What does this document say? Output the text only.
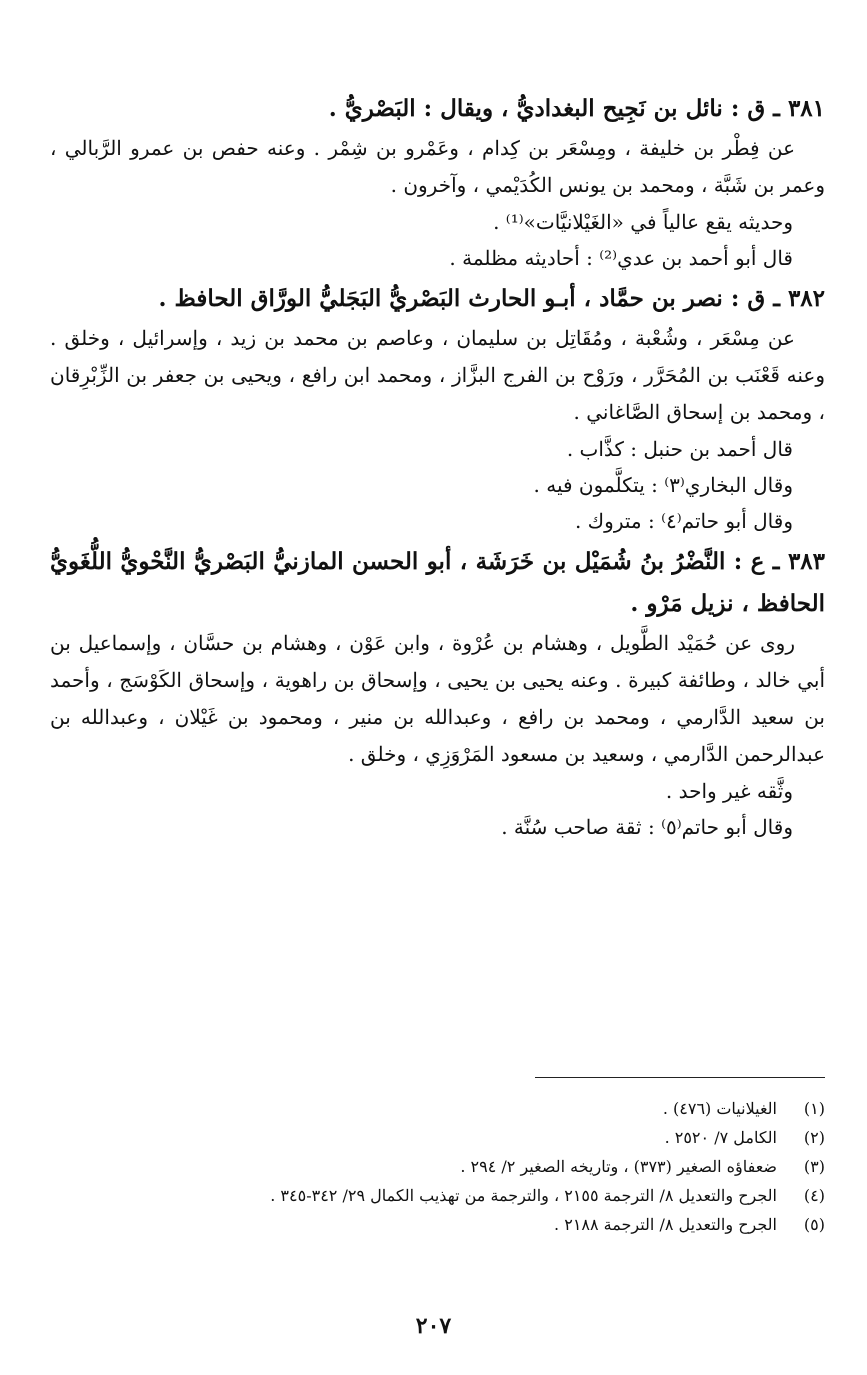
٣٨١ ـ ق : نائل بن نَجِيح البغداديُّ ، ويقال : البَصْريُّ .

عن فِطْر بن خليفة ، ومِسْعَر بن كِدام ، وعَمْرو بن شِمْر . وعنه حفص بن عمرو الرَّبالي ، وعمر بن شَبَّة ، ومحمد بن يونس الكُدَيْمي ، وآخرون .

وحديثه يقع عالياً في «الغَيْلانيَّات»⁽¹⁾ .

قال أبو أحمد بن عدي⁽²⁾ : أحاديثه مظلمة .

٣٨٢ ـ ق : نصر بن حمَّاد ، أبـو الحارث البَصْريُّ البَجَليُّ الورَّاق الحافظ .

عن مِسْعَر ، وشُعْبة ، ومُقَاتِل بن سليمان ، وعاصم بن محمد بن زيد ، وإسرائيل ، وخلق . وعنه قَعْنَب بن المُحَرَّر ، ورَوْح بن الفرج البزَّاز ، ومحمد ابن رافع ، ويحيى بن جعفر بن الزِّبْرِقان ، ومحمد بن إسحاق الصَّاغاني .

قال أحمد بن حنبل : كذَّاب .

وقال البخاري⁽٣⁾ : يتكلَّمون فيه .

وقال أبو حاتم⁽٤⁾ : متروك .

٣٨٣ ـ ع : النَّضْرُ بنُ شُمَيْل بن خَرَشَة ، أبو الحسن المازنيُّ البَصْريُّ النَّحْويُّ اللُّغَويُّ الحافظ ، نزيل مَرْو .

روى عن حُمَيْد الطَّويل ، وهشام بن عُرْوة ، وابن عَوْن ، وهشام بن حسَّان ، وإسماعيل بن أبي خالد ، وطائفة كبيرة . وعنه يحيى بن يحيى ، وإسحاق بن راهوية ، وإسحاق الكَوْسَج ، وأحمد بن سعيد الدَّارمي ، ومحمد بن رافع ، وعبدالله بن منير ، ومحمود بن غَيْلان ، وعبدالله بن عبدالرحمن الدَّارمي ، وسعيد بن مسعود المَرْوَزِي ، وخلق .

وثَّقه غير واحد .

وقال أبو حاتم⁽٥⁾ : ثقة صاحب سُنَّة .

(١)
الغيلانيات (٤٧٦) .
(٢)
الكامل ٧/ ٢٥٢٠ .
(٣)
ضعفاؤه الصغير (٣٧٣) ، وتاريخه الصغير ٢/ ٢٩٤ .
(٤)
الجرح والتعديل ٨/ الترجمة ٢١٥٥ ، والترجمة من تهذيب الكمال ٢٩/ ٣٤٢-٣٤٥ .
(٥)
الجرح والتعديل ٨/ الترجمة ٢١٨٨ .
٢٠٧
